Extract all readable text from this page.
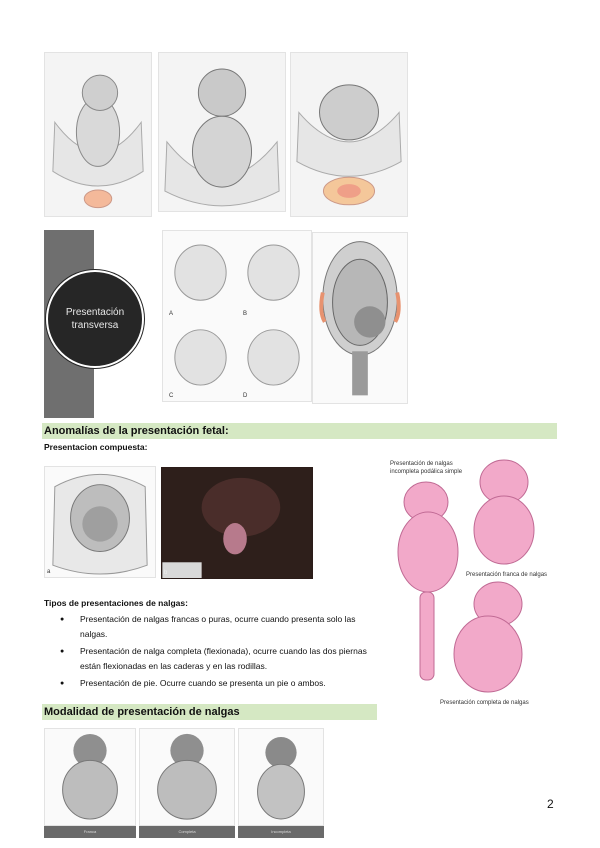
Presentación transversa
A	B
C	D
Anomalías de la presentación fetal:
Presentacion compuesta:
a	b
Presentación de nalgas incompleta podálica simple
Presentación franca de nalgas
Presentación completa de nalgas
Tipos de presentaciones de nalgas:
● Presentación de nalgas francas o puras, ocurre cuando presenta solo las nalgas.
● Presentación de nalga completa (flexionada), ocurre cuando las dos piernas están flexionadas en las caderas y en las rodillas.
● Presentación de pie. Ocurre cuando se presenta un pie o ambos.
Modalidad de presentación de nalgas
Franca	Completa	Incompleta
2
